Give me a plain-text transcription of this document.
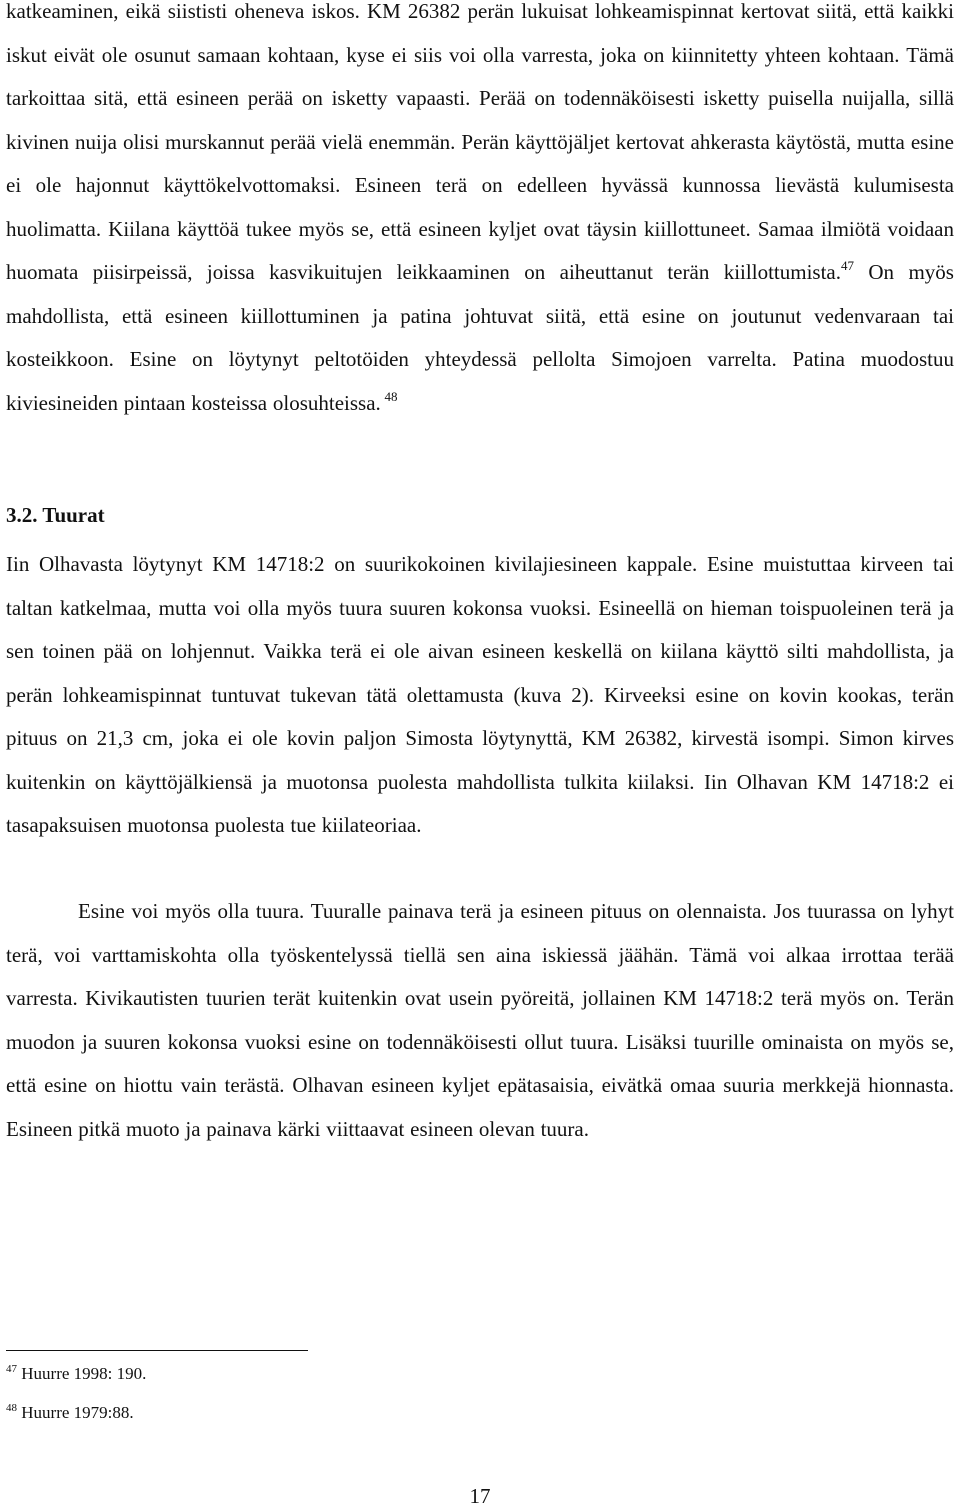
katkeaminen, eikä siististi oheneva iskos. KM 26382 perän lukuisat lohkeamispinnat kertovat siitä, että kaikki iskut eivät ole osunut samaan kohtaan, kyse ei siis voi olla varresta, joka on kiinnitetty yhteen kohtaan. Tämä tarkoittaa sitä, että esineen perää on isketty vapaasti. Perää on todennäköisesti isketty puisella nuijalla, sillä kivinen nuija olisi murskannut perää vielä enemmän. Perän käyttöjäljet kertovat ahkerasta käytöstä, mutta esine ei ole hajonnut käyttökelvottomaksi. Esineen terä on edelleen hyvässä kunnossa lievästä kulumisesta huolimatta. Kiilana käyttöä tukee myös se, että esineen kyljet ovat täysin kiillottuneet. Samaa ilmiötä voidaan huomata piisirpeissä, joissa kasvikuitujen leikkaaminen on aiheuttanut terän kiillottumista.$^{47}$ On myös mahdollista, että esineen kiillottuminen ja patina johtuvat siitä, että esine on joutunut vedenvaraan tai kosteikkoon. Esine on löytynyt peltotöiden yhteydessä pellolta Simojoen varrelta. Patina muodostuu kiviesineiden pintaan kosteissa olosuhteissa. $^{48}$

3.2. Tuurat

Iin Olhavasta löytynyt KM 14718:2 on suurikokoinen kivilajiesineen kappale. Esine muistuttaa kirveen tai taltan katkelmaa, mutta voi olla myös tuura suuren kokonsa vuoksi. Esineellä on hieman toispuoleinen terä ja sen toinen pää on lohjennut. Vaikka terä ei ole aivan esineen keskellä on kiilana käyttö silti mahdollista, ja perän lohkeamispinnat tuntuvat tukevan tätä olettamusta (kuva 2). Kirveeksi esine on kovin kookas, terän pituus on 21,3 cm, joka ei ole kovin paljon Simosta löytynyttä, KM 26382, kirvestä isompi. Simon kirves kuitenkin on käyttöjälkiensä ja muotonsa puolesta mahdollista tulkita kiilaksi. Iin Olhavan KM 14718:2 ei tasapaksuisen muotonsa puolesta tue kiilateoriaa.

Esine voi myös olla tuura. Tuuralle painava terä ja esineen pituus on olennaista. Jos tuurassa on lyhyt terä, voi varttamiskohta olla työskentelyssä tiellä sen aina iskiessä jäähän. Tämä voi alkaa irrottaa terää varresta. Kivikautisten tuurien terät kuitenkin ovat usein pyöreitä, jollainen KM 14718:2 terä myös on. Terän muodon ja suuren kokonsa vuoksi esine on todennäköisesti ollut tuura. Lisäksi tuurille ominaista on myös se, että esine on hiottu vain terästä. Olhavan esineen kyljet epätasaisia, eivätkä omaa suuria merkkejä hionnasta. Esineen pitkä muoto ja painava kärki viittaavat esineen olevan tuura.

$^{47}$ Huurre 1998: 190.

$^{48}$ Huurre 1979:88.

17
